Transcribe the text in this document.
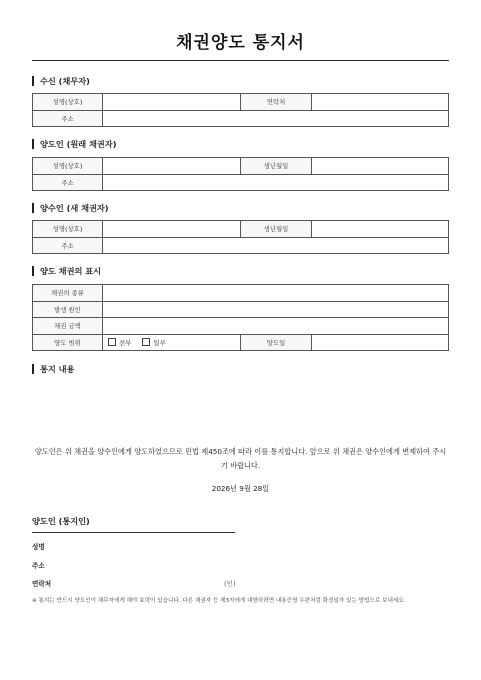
채권양도 통지서
수신 (채무자)
성명(상호)		연락처	
주소			
양도인 (원래 채권자)
성명(상호)		생년월일	
주소			
양수인 (새 채권자)
성명(상호)		생년월일	
주소			
양도 채권의 표시
채권의 종류			
발생 원인			
채권 금액			
양도 범위	전부 일부	양도일	
통지 내용
양도인은 위 채권을 양수인에게 양도하였으므로 민법 제450조에 따라 이를 통지합니다. 앞으로 위 채권은 양수인에게 변제하여 주시기 바랍니다.
2026년 9월 28일
양도인 (통지인)
성명
주소
연락처	(인)
※ 통지는 반드시 양도인이 채무자에게 해야 효력이 있습니다. 다른 채권자 등 제3자에게 대항하려면 내용증명 우편처럼 확정일자 있는 방법으로 보내세요.
